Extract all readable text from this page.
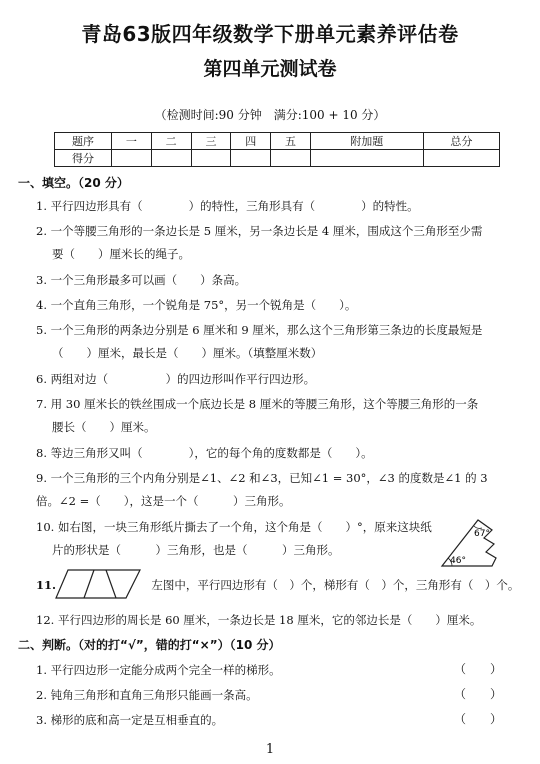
青岛63版四年级数学下册单元素养评估卷
第四单元测试卷
（检测时间:90 分钟　满分:100 + 10 分）
题序	一	二	三	四	五	附加题	总分
得分							
一、填空。（20 分）
1. 平行四边形具有（　　　　）的特性，三角形具有（　　　　）的特性。
2. 一个等腰三角形的一条边长是 5 厘米，另一条边长是 4 厘米，围成这个三角形至少需
要（　　）厘米长的绳子。
3. 一个三角形最多可以画（　　）条高。
4. 一个直角三角形，一个锐角是 75°，另一个锐角是（　　）。
5. 一个三角形的两条边分别是 6 厘米和 9 厘米，那么这个三角形第三条边的长度最短是
（　　）厘米，最长是（　　）厘米。（填整厘米数）
6. 两组对边（　　　　　）的四边形叫作平行四边形。
7. 用 30 厘米长的铁丝围成一个底边长是 8 厘米的等腰三角形，这个等腰三角形的一条
腰长（　　）厘米。
8. 等边三角形又叫（　　　　），它的每个角的度数都是（　　）。
9. 一个三角形的三个内角分别是∠1、∠2 和∠3，已知∠1 = 30°，∠3 的度数是∠1 的 3
倍。∠2 =（　　），这是一个（　　　）三角形。
10. 如右图，一块三角形纸片撕去了一个角，这个角是（　　）°，原来这块纸
片的形状是（　　　）三角形，也是（　　　）三角形。
67°
46°
11.	左图中，平行四边形有（　）个，梯形有（　）个，三角形有（　）个。
12. 平行四边形的周长是 60 厘米，一条边长是 18 厘米，它的邻边长是（　　）厘米。
二、判断。（对的打“√”，错的打“×”）（10 分）
1. 平行四边形一定能分成两个完全一样的梯形。	（　　）
2. 钝角三角形和直角三角形只能画一条高。	（　　）
3. 梯形的底和高一定是互相垂直的。	（　　）
1
